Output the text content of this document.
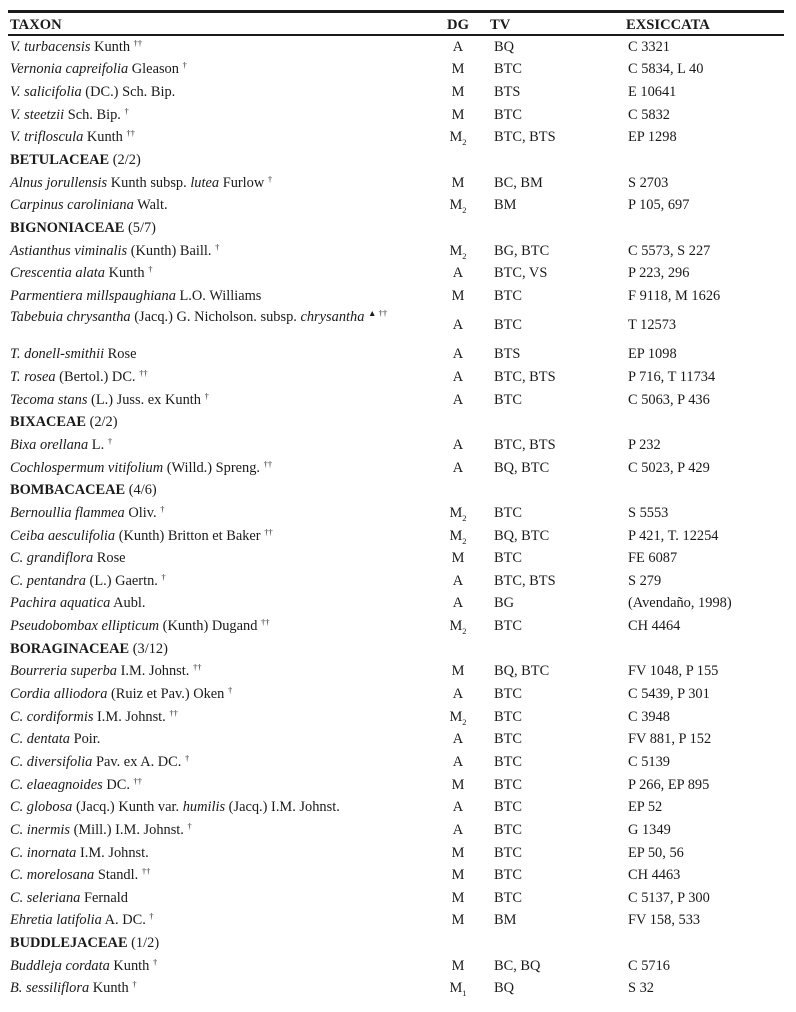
TAXON	DG	TV	EXSICCATA
V. turbacensis Kunth ††	A	BQ	C 3321
Vernonia capreifolia Gleason †	M	BTC	C 5834, L 40
V. salicifolia (DC.) Sch. Bip.	M	BTS	E 10641
V. steetzii Sch. Bip. †	M	BTC	C 5832
V. trifloscula Kunth ††	$M_2$	BTC, BTS	EP 1298
BETULACEAE (2/2)			
Alnus jorullensis Kunth subsp. lutea Furlow †	M	BC, BM	S 2703
Carpinus caroliniana Walt.	$M_2$	BM	P 105, 697
BIGNONIACEAE (5/7)			
Astianthus viminalis (Kunth) Baill. †	$M_2$	BG, BTC	C 5573, S 227
Crescentia alata Kunth †	A	BTC, VS	P 223, 296
Parmentiera millspaughiana L.O. Williams	M	BTC	F 9118, M 1626
Tabebuia chrysantha (Jacq.) G. Nicholson. subsp. chrysantha ▲ ††	A	BTC	T 12573
T. donell-smithii Rose	A	BTS	EP 1098
T. rosea (Bertol.) DC. ††	A	BTC, BTS	P 716, T 11734
Tecoma stans (L.) Juss. ex Kunth †	A	BTC	C 5063, P 436
BIXACEAE (2/2)			
Bixa orellana L. †	A	BTC, BTS	P 232
Cochlospermum vitifolium (Willd.) Spreng. ††	A	BQ, BTC	C 5023, P 429
BOMBACACEAE (4/6)			
Bernoullia flammea Oliv. †	$M_2$	BTC	S 5553
Ceiba aesculifolia (Kunth) Britton et Baker ††	$M_2$	BQ, BTC	P 421, T. 12254
C. grandiflora Rose	M	BTC	FE 6087
C. pentandra (L.) Gaertn. †	A	BTC, BTS	S 279
Pachira aquatica Aubl.	A	BG	(Avendaño, 1998)
Pseudobombax ellipticum (Kunth) Dugand ††	$M_2$	BTC	CH 4464
BORAGINACEAE (3/12)			
Bourreria superba I.M. Johnst. ††	M	BQ, BTC	FV 1048, P 155
Cordia alliodora (Ruiz et Pav.) Oken †	A	BTC	C 5439, P 301
C. cordiformis I.M. Johnst. ††	$M_2$	BTC	C 3948
C. dentata Poir.	A	BTC	FV 881, P 152
C. diversifolia Pav. ex A. DC. †	A	BTC	C 5139
C. elaeagnoides DC. ††	M	BTC	P 266, EP 895
C. globosa (Jacq.) Kunth var. humilis (Jacq.) I.M. Johnst.	A	BTC	EP 52
C. inermis (Mill.) I.M. Johnst. †	A	BTC	G 1349
C. inornata I.M. Johnst.	M	BTC	EP 50, 56
C. morelosana Standl. ††	M	BTC	CH 4463
C. seleriana Fernald	M	BTC	C 5137, P 300
Ehretia latifolia A. DC. †	M	BM	FV 158, 533
BUDDLEJACEAE (1/2)			
Buddleja cordata Kunth †	M	BC, BQ	C 5716
B. sessiliflora Kunth †	$M_1$	BQ	S 32
